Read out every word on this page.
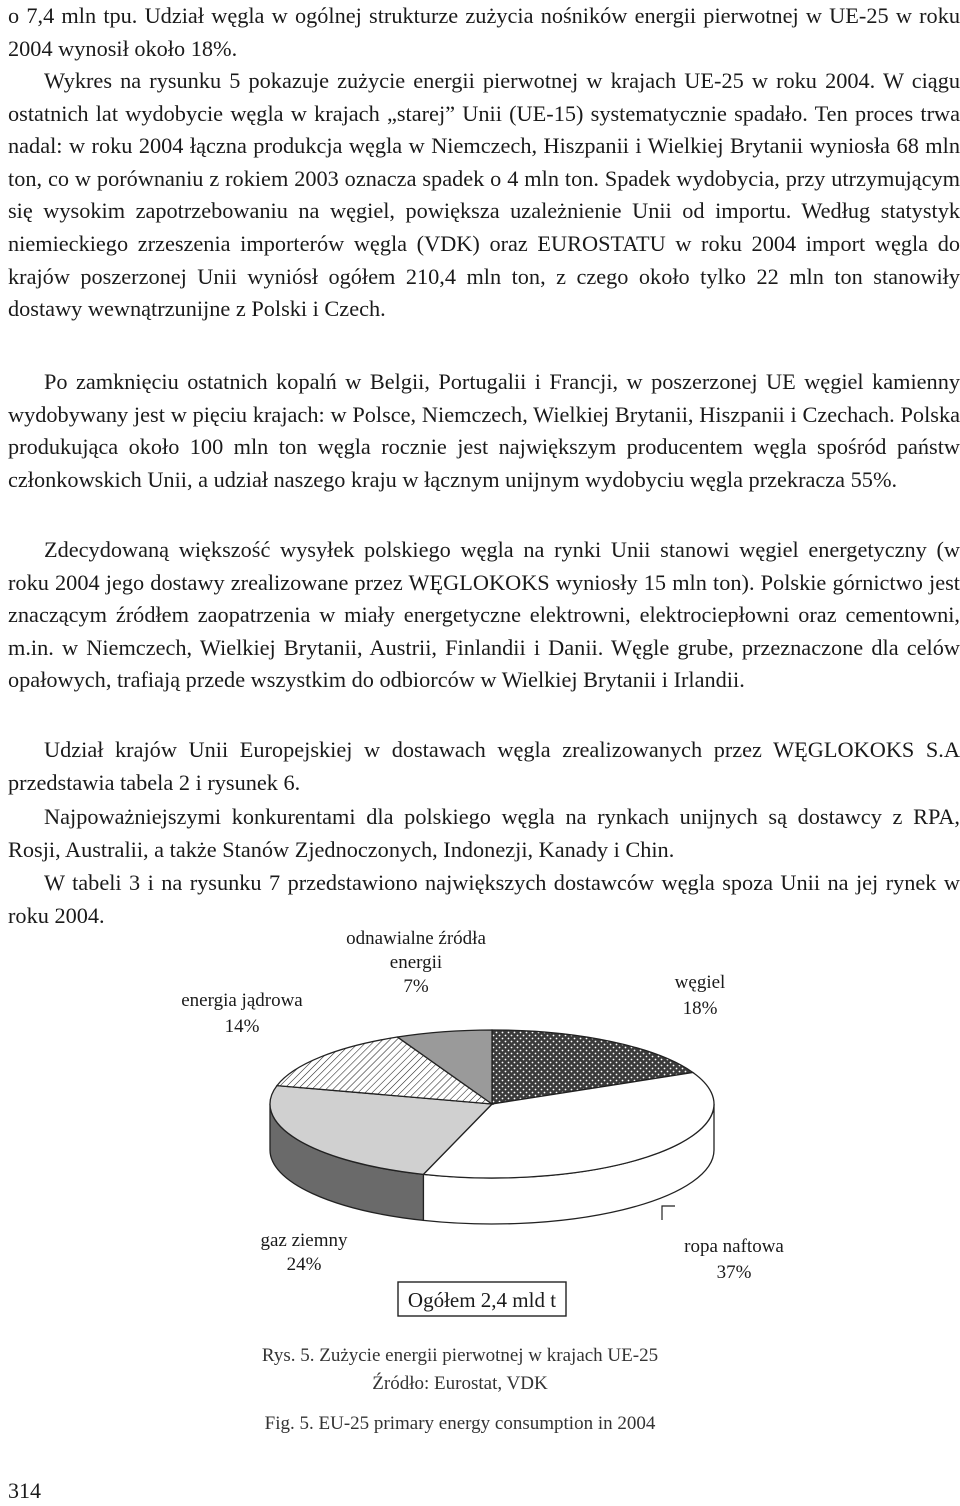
o 7,4 mln tpu. Udział węgla w ogólnej strukturze zużycia nośników energii pierwotnej w UE-25 w roku 2004 wynosił około 18%.

Wykres na rysunku 5 pokazuje zużycie energii pierwotnej w krajach UE-25 w roku 2004. W ciągu ostatnich lat wydobycie węgla w krajach „starej” Unii (UE-15) systematycznie spadało. Ten proces trwa nadal: w roku 2004 łączna produkcja węgla w Niemczech, Hiszpanii i Wielkiej Brytanii wyniosła 68 mln ton, co w porównaniu z rokiem 2003 oznacza spadek o 4 mln ton. Spadek wydobycia, przy utrzymującym się wysokim zapotrzebowaniu na węgiel, powiększa uzależnienie Unii od importu. Według statystyk niemieckiego zrzeszenia importerów węgla (VDK) oraz EUROSTATU w roku 2004 import węgla do krajów poszerzonej Unii wyniósł ogółem 210,4 mln ton, z czego około tylko 22 mln ton stanowiły dostawy wewnątrzunijne z Polski i Czech.

Po zamknięciu ostatnich kopalń w Belgii, Portugalii i Francji, w poszerzonej UE węgiel kamienny wydobywany jest w pięciu krajach: w Polsce, Niemczech, Wielkiej Brytanii, Hiszpanii i Czechach. Polska produkująca około 100 mln ton węgla rocznie jest największym producentem węgla spośród państw członkowskich Unii, a udział naszego kraju w łącznym unijnym wydobyciu węgla przekracza 55%.

Zdecydowaną większość wysyłek polskiego węgla na rynki Unii stanowi węgiel energetyczny (w roku 2004 jego dostawy zrealizowane przez WĘGLOKOKS wyniosły 15 mln ton). Polskie górnictwo jest znaczącym źródłem zaopatrzenia w miały energetyczne elektrowni, elektrociepłowni oraz cementowni, m.in. w Niemczech, Wielkiej Brytanii, Austrii, Finlandii i Danii. Węgle grube, przeznaczone dla celów opałowych, trafiają przede wszystkim do odbiorców w Wielkiej Brytanii i Irlandii.

Udział krajów Unii Europejskiej w dostawach węgla zrealizowanych przez WĘGLOKOKS S.A przedstawia tabela 2 i rysunek 6.

Najpoważniejszymi konkurentami dla polskiego węgla na rynkach unijnych są dostawcy z RPA, Rosji, Australii, a także Stanów Zjednoczonych, Indonezji, Kanady i Chin.

W tabeli 3 i na rysunku 7 przedstawiono największych dostawców węgla spoza Unii na jej rynek w roku 2004.

odnawialne źródła
energii
7%	węgiel
18%
energia jądrowa
14%
gaz ziemny
24%
ropa naftowa
37%
Ogółem 2,4 mld t

Rys. 5. Zużycie energii pierwotnej w krajach UE-25

Źródło: Eurostat, VDK

Fig. 5. EU-25 primary energy consumption in 2004

314
